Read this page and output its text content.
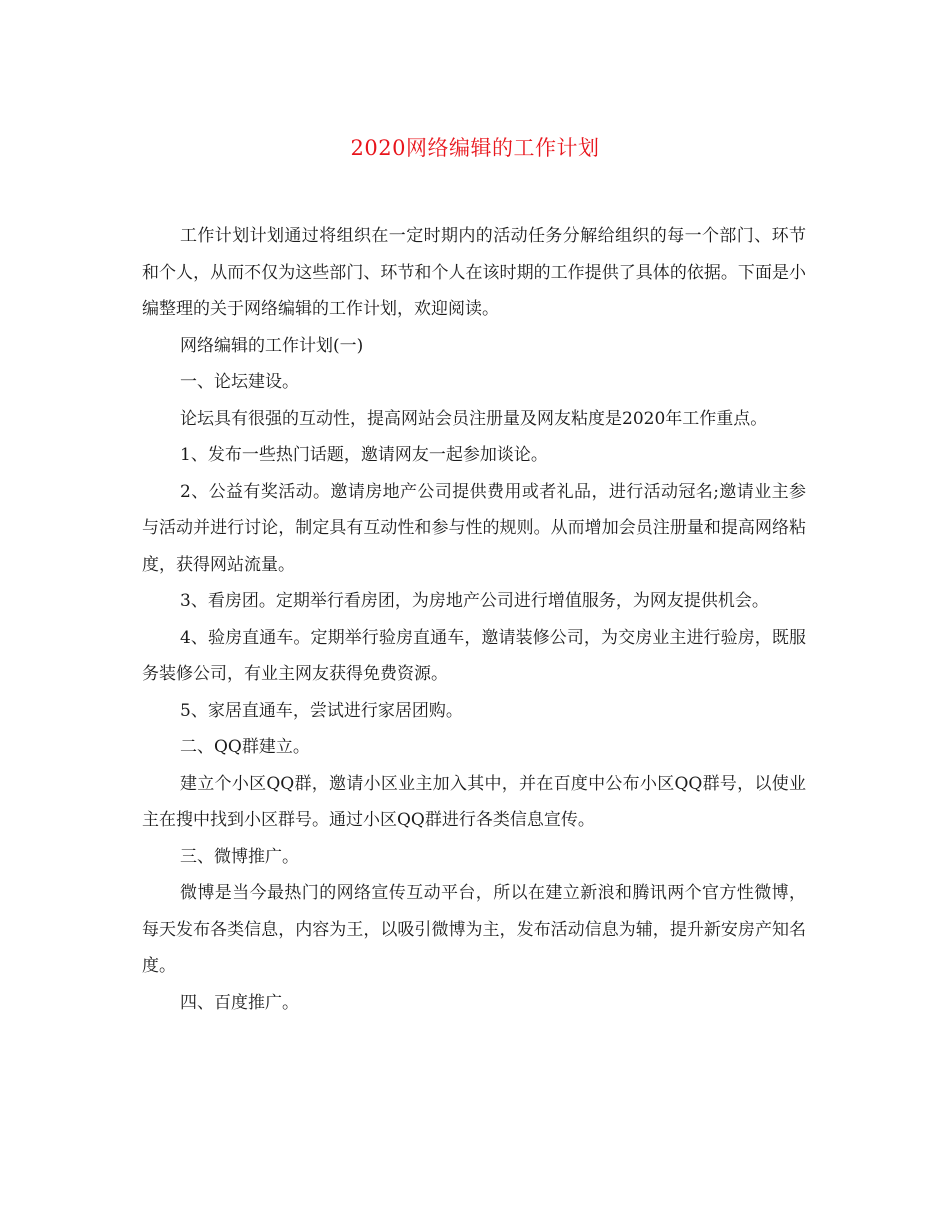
2020网络编辑的工作计划

工作计划计划通过将组织在一定时期内的活动任务分解给组织的每一个部门、环节和个人，从而不仅为这些部门、环节和个人在该时期的工作提供了具体的依据。下面是小编整理的关于网络编辑的工作计划，欢迎阅读。

网络编辑的工作计划(一)

一、论坛建设。

论坛具有很强的互动性，提高网站会员注册量及网友粘度是2020年工作重点。

1、发布一些热门话题，邀请网友一起参加谈论。

2、公益有奖活动。邀请房地产公司提供费用或者礼品，进行活动冠名;邀请业主参与活动并进行讨论，制定具有互动性和参与性的规则。从而增加会员注册量和提高网络粘度，获得网站流量。

3、看房团。定期举行看房团，为房地产公司进行增值服务，为网友提供机会。

4、验房直通车。定期举行验房直通车，邀请装修公司，为交房业主进行验房，既服务装修公司，有业主网友获得免费资源。

5、家居直通车，尝试进行家居团购。

二、QQ群建立。

建立个小区QQ群，邀请小区业主加入其中，并在百度中公布小区QQ群号，以使业主在搜中找到小区群号。通过小区QQ群进行各类信息宣传。

三、微博推广。

微博是当今最热门的网络宣传互动平台，所以在建立新浪和腾讯两个官方性微博，每天发布各类信息，内容为王，以吸引微博为主，发布活动信息为辅，提升新安房产知名度。

四、百度推广。
